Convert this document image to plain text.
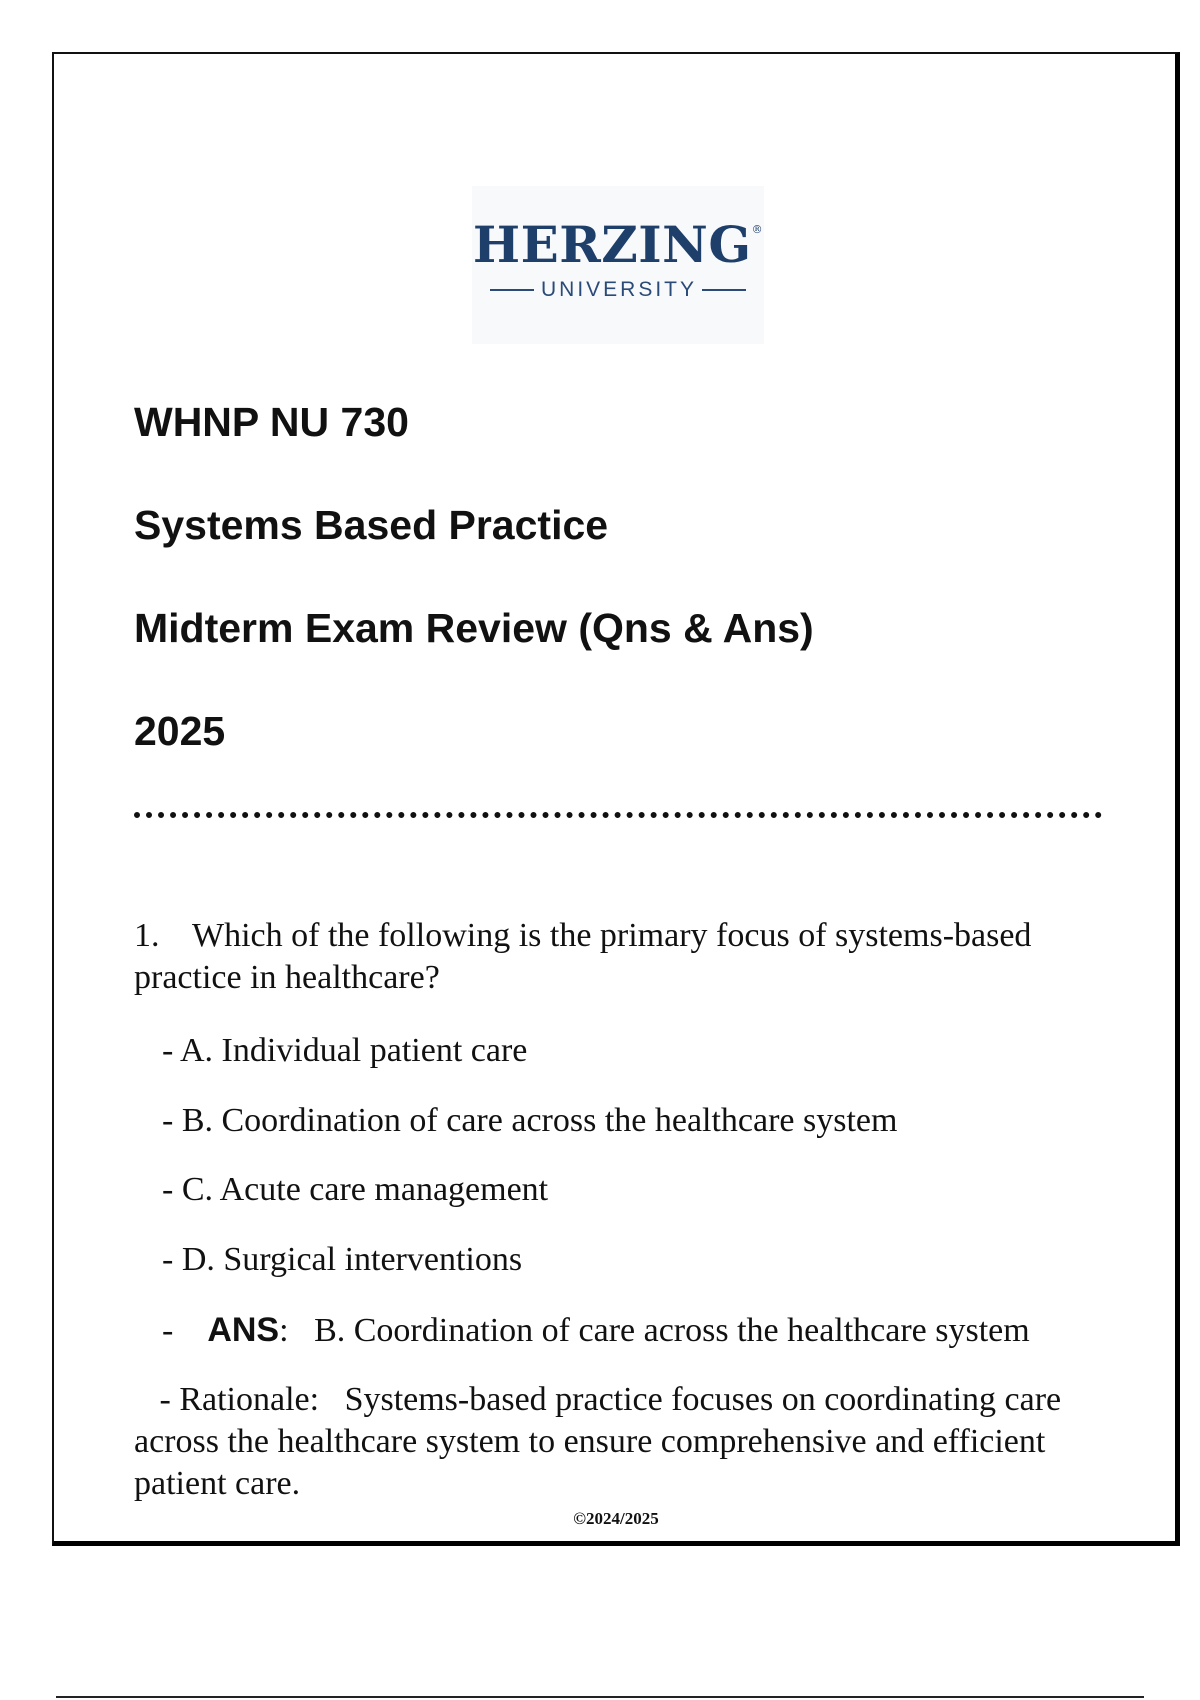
HERZING®
UNIVERSITY
WHNP NU 730
Systems Based Practice
Midterm Exam Review (Qns & Ans)
2025
1. Which of the following is the primary focus of systems-based practice in healthcare?
- A. Individual patient care
- B. Coordination of care across the healthcare system
- C. Acute care management
- D. Surgical interventions
- ANS: B. Coordination of care across the healthcare system
- Rationale: Systems-based practice focuses on coordinating care across the healthcare system to ensure comprehensive and efficient patient care.
©2024/2025
